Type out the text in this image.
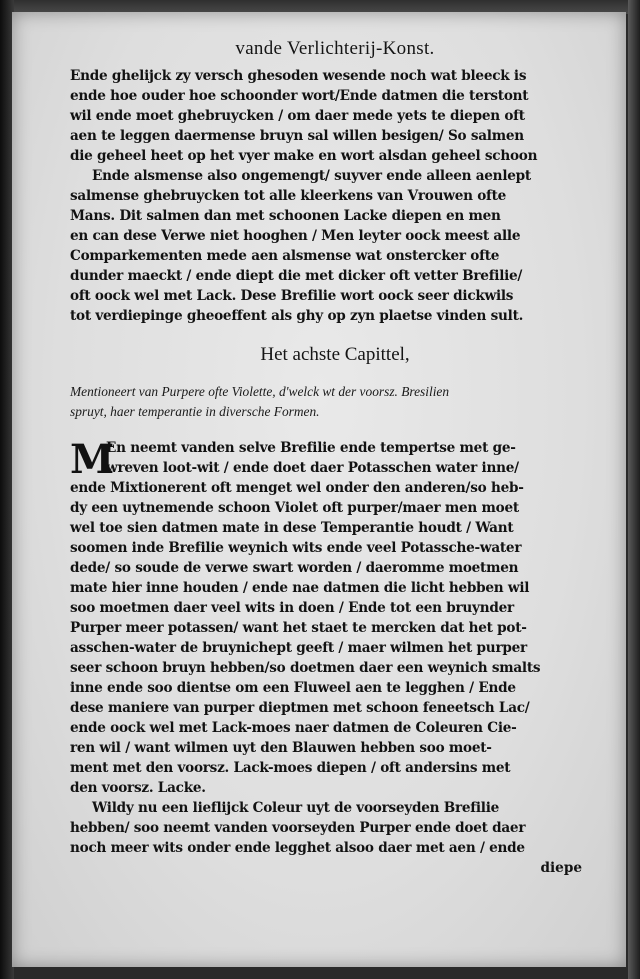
vande Verlichterij-Konst.
Ende ghelijck zy versch ghesoden wesende noch wat bleeck is
ende hoe ouder hoe schoonder wort/Ende datmen die terstont
wil ende moet ghebruycken / om daer mede yets te diepen oft
aen te leggen daermense bruyn sal willen besigen/ So salmen
die geheel heet op het vyer make en wort alsdan geheel schoon
Ende alsmense also ongemengt/ suyver ende alleen aenlept
salmense ghebruycken tot alle kleerkens van Vrouwen ofte
Mans. Dit salmen dan met schoonen Lacke diepen en men
en can dese Verwe niet hooghen / Men leyter oock meest alle
Comparkementen mede aen alsmense wat onstercker ofte
dunder maeckt / ende diept die met dicker oft vetter Brefilie/
oft oock wel met Lack. Dese Brefilie wort oock seer dickwils
tot verdiepinge gheoeffent als ghy op zyn plaetse vinden sult.
Het achste Capittel,
Mentioneert van Purpere ofte Violette, d'welck wt der voorsz. Bresilien
spruyt, haer temperantie in diversche Formen.
M
En neemt vanden selve Brefilie ende tempertse met ge-
wreven loot-wit / ende doet daer Potasschen water inne/
ende Mixtionerent oft menget wel onder den anderen/so heb-
dy een uytnemende schoon Violet oft purper/maer men moet
wel toe sien datmen mate in dese Temperantie houdt / Want
soomen inde Brefilie weynich wits ende veel Potassche-water
dede/ so soude de verwe swart worden / daeromme moetmen
mate hier inne houden / ende nae datmen die licht hebben wil
soo moetmen daer veel wits in doen / Ende tot een bruynder
Purper meer potassen/ want het staet te mercken dat het pot-
asschen-water de bruynichept geeft / maer wilmen het purper
seer schoon bruyn hebben/so doetmen daer een weynich smalts
inne ende soo dientse om een Fluweel aen te legghen / Ende
dese maniere van purper dieptmen met schoon feneetsch Lac/
ende oock wel met Lack-moes naer datmen de Coleuren Cie-
ren wil / want wilmen uyt den Blauwen hebben soo moet-
ment met den voorsz. Lack-moes diepen / oft andersins met
den voorsz. Lacke.
Wildy nu een lieflijck Coleur uyt de voorseyden Brefilie
hebben/ soo neemt vanden voorseyden Purper ende doet daer
noch meer wits onder ende legghet alsoo daer met aen / ende
diepe
